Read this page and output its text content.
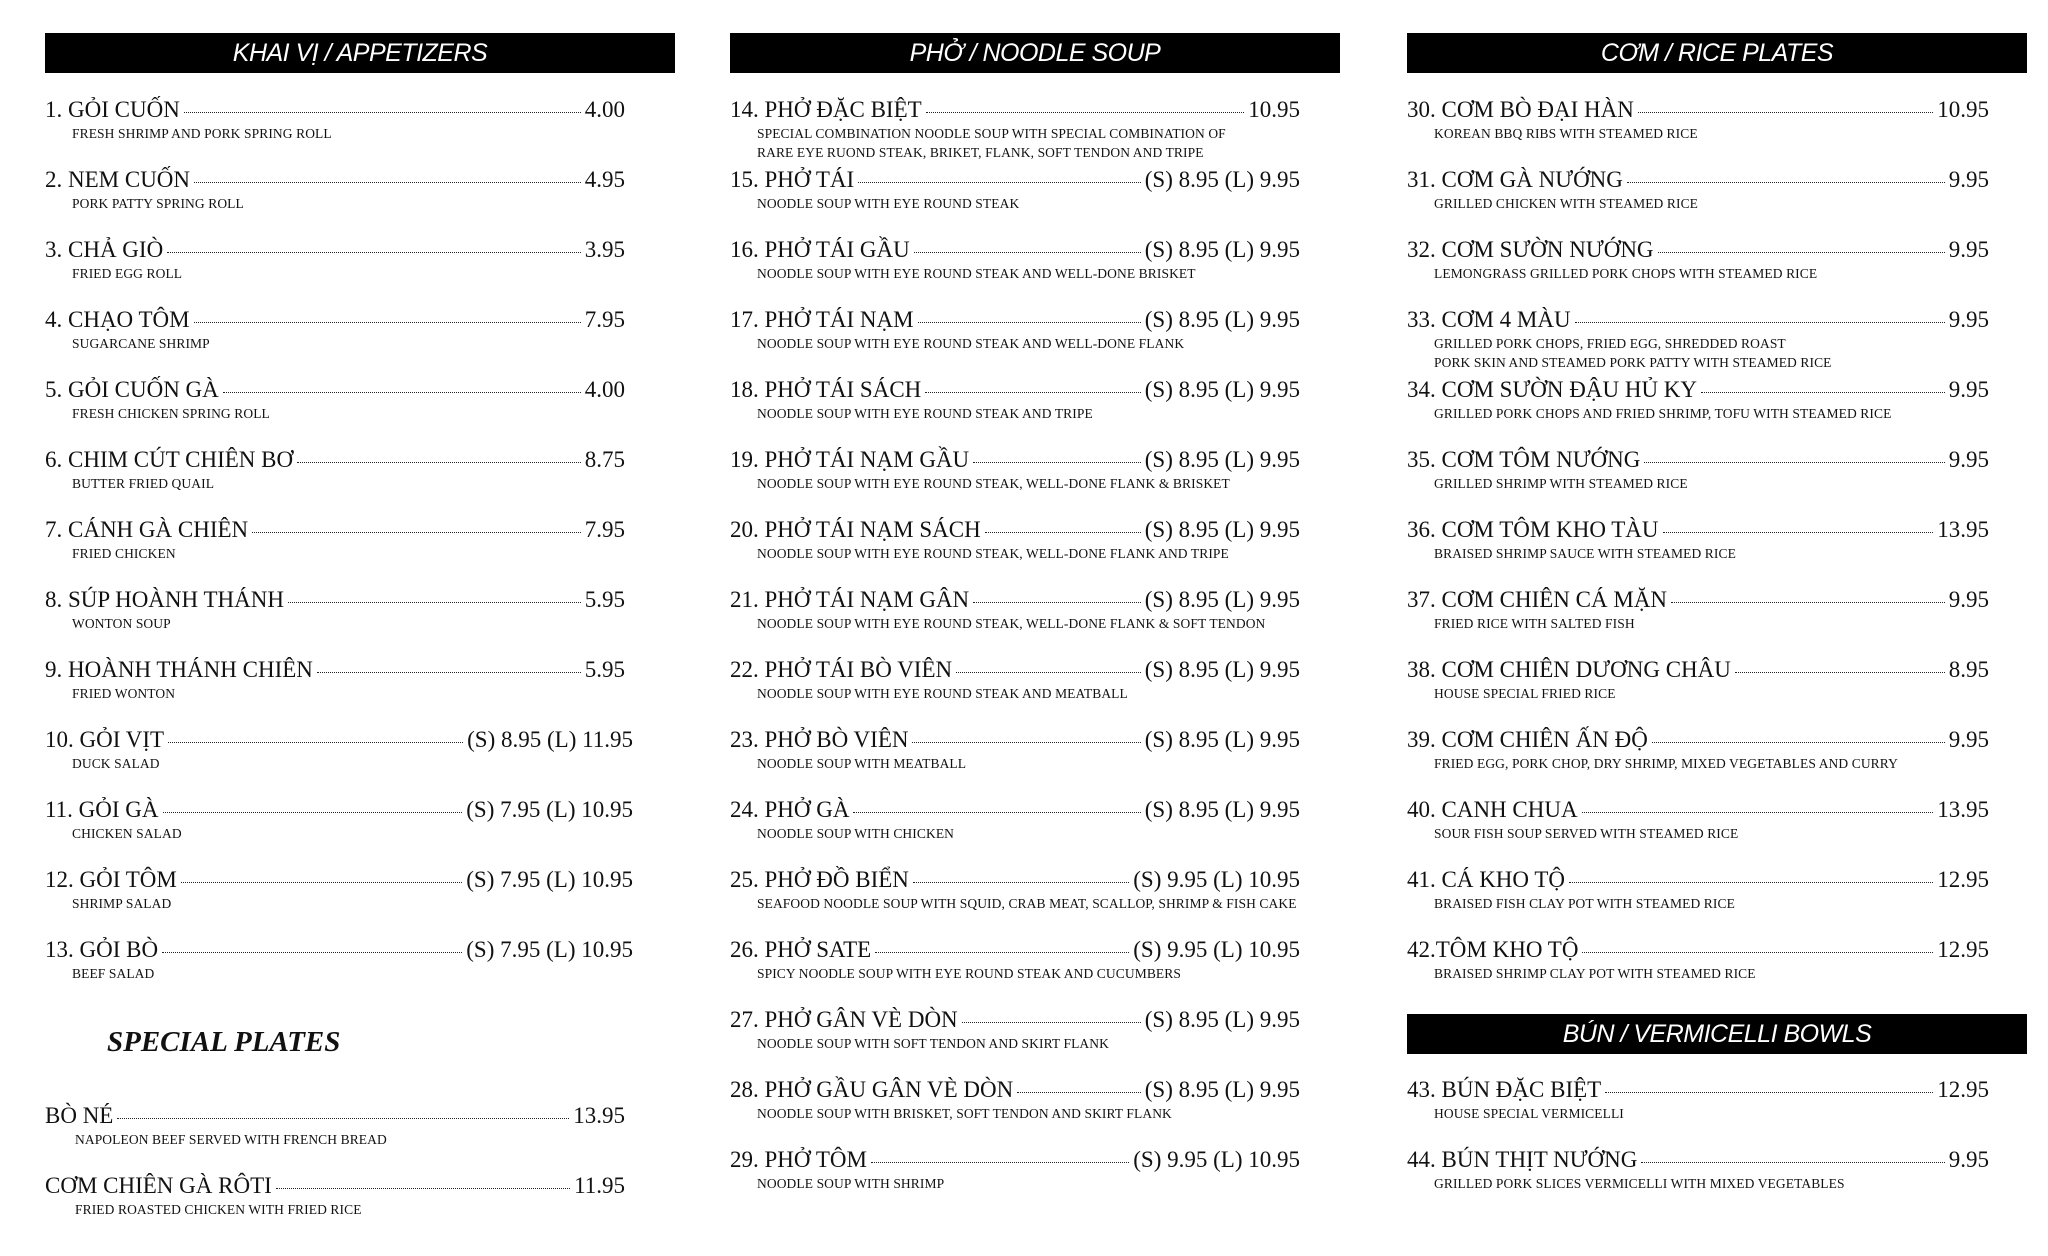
KHAI VỊ / APPETIZERS
1. GỎI CUỐN	4.00
FRESH SHRIMP AND PORK SPRING ROLL
2. NEM CUỐN	4.95
PORK PATTY SPRING ROLL
3. CHẢ GIÒ	3.95
FRIED EGG ROLL
4. CHẠO TÔM	7.95
SUGARCANE SHRIMP
5. GỎI CUỐN GÀ	4.00
FRESH CHICKEN SPRING ROLL
6. CHIM CÚT CHIÊN BƠ	8.75
BUTTER FRIED QUAIL
7. CÁNH GÀ CHIÊN	7.95
FRIED CHICKEN
8. SÚP HOÀNH THÁNH	5.95
WONTON SOUP
9. HOÀNH THÁNH CHIÊN	5.95
FRIED WONTON
10. GỎI VỊT	(S) 8.95 (L) 11.95
DUCK SALAD
11. GỎI GÀ	(S) 7.95 (L) 10.95
CHICKEN SALAD
12. GỎI TÔM	(S) 7.95 (L) 10.95
SHRIMP SALAD
13. GỎI BÒ	(S) 7.95 (L) 10.95
BEEF SALAD
SPECIAL PLATES
BÒ NÉ	13.95
NAPOLEON BEEF SERVED WITH FRENCH BREAD
CƠM CHIÊN GÀ RÔTI	11.95
FRIED ROASTED CHICKEN WITH FRIED RICE
PHỞ / NOODLE SOUP
14. PHỞ ĐẶC BIỆT	10.95
SPECIAL COMBINATION NOODLE SOUP WITH SPECIAL COMBINATION OF
RARE EYE RUOND STEAK, BRIKET, FLANK, SOFT TENDON AND TRIPE
15. PHỞ TÁI	(S) 8.95 (L) 9.95
NOODLE SOUP WITH EYE ROUND STEAK
16. PHỞ TÁI GẦU	(S) 8.95 (L) 9.95
NOODLE SOUP WITH EYE ROUND STEAK AND WELL-DONE BRISKET
17. PHỞ TÁI NẠM	(S) 8.95 (L) 9.95
NOODLE SOUP WITH EYE ROUND STEAK AND WELL-DONE FLANK
18. PHỞ TÁI SÁCH	(S) 8.95 (L) 9.95
NOODLE SOUP WITH EYE ROUND STEAK AND TRIPE
19. PHỞ TÁI NẠM GẦU	(S) 8.95 (L) 9.95
NOODLE SOUP WITH EYE ROUND STEAK, WELL-DONE FLANK & BRISKET
20. PHỞ TÁI NẠM SÁCH	(S) 8.95 (L) 9.95
NOODLE SOUP WITH EYE ROUND STEAK, WELL-DONE FLANK AND TRIPE
21. PHỞ TÁI NẠM GÂN	(S) 8.95 (L) 9.95
NOODLE SOUP WITH EYE ROUND STEAK, WELL-DONE FLANK & SOFT TENDON
22. PHỞ TÁI BÒ VIÊN	(S) 8.95 (L) 9.95
NOODLE SOUP WITH EYE ROUND STEAK AND MEATBALL
23. PHỞ BÒ VIÊN	(S) 8.95 (L) 9.95
NOODLE SOUP WITH MEATBALL
24. PHỞ GÀ	(S) 8.95 (L) 9.95
NOODLE SOUP WITH CHICKEN
25. PHỞ ĐỒ BIỂN	(S) 9.95 (L) 10.95
SEAFOOD NOODLE SOUP WITH SQUID, CRAB MEAT, SCALLOP, SHRIMP & FISH CAKE
26. PHỞ SATE	(S) 9.95 (L) 10.95
SPICY NOODLE SOUP WITH EYE ROUND STEAK AND CUCUMBERS
27. PHỞ GÂN VÈ DÒN	(S) 8.95 (L) 9.95
NOODLE SOUP WITH SOFT TENDON AND SKIRT FLANK
28. PHỞ GẦU GÂN VÈ DÒN	(S) 8.95 (L) 9.95
NOODLE SOUP WITH BRISKET, SOFT TENDON AND SKIRT FLANK
29. PHỞ TÔM	(S) 9.95 (L) 10.95
NOODLE SOUP WITH SHRIMP
CƠM / RICE PLATES
30. CƠM BÒ ĐẠI HÀN	10.95
KOREAN BBQ RIBS WITH STEAMED RICE
31. CƠM GÀ NƯỚNG	9.95
GRILLED CHICKEN WITH STEAMED RICE
32. CƠM SƯỜN NƯỚNG	9.95
LEMONGRASS GRILLED PORK CHOPS WITH STEAMED RICE
33. CƠM 4 MÀU	9.95
GRILLED PORK CHOPS, FRIED EGG, SHREDDED ROAST
PORK SKIN AND STEAMED PORK PATTY WITH STEAMED RICE
34. CƠM SƯỜN ĐẬU HỦ KY	9.95
GRILLED PORK CHOPS AND FRIED SHRIMP, TOFU WITH STEAMED RICE
35. CƠM TÔM NƯỚNG	9.95
GRILLED SHRIMP WITH STEAMED RICE
36. CƠM TÔM KHO TÀU	13.95
BRAISED SHRIMP SAUCE WITH STEAMED RICE
37. CƠM CHIÊN CÁ MẶN	9.95
FRIED RICE WITH SALTED FISH
38. CƠM CHIÊN DƯƠNG CHÂU	8.95
HOUSE SPECIAL FRIED RICE
39. CƠM CHIÊN ẤN ĐỘ	9.95
FRIED EGG, PORK CHOP, DRY SHRIMP, MIXED VEGETABLES AND CURRY
40. CANH CHUA	13.95
SOUR FISH SOUP SERVED WITH STEAMED RICE
41. CÁ KHO TỘ	12.95
BRAISED FISH CLAY POT WITH STEAMED RICE
42.TÔM KHO TỘ	12.95
BRAISED SHRIMP CLAY POT WITH STEAMED RICE
BÚN / VERMICELLI BOWLS
43. BÚN ĐẶC BIỆT	12.95
HOUSE SPECIAL VERMICELLI
44. BÚN THỊT NƯỚNG	9.95
GRILLED PORK SLICES VERMICELLI WITH MIXED VEGETABLES
